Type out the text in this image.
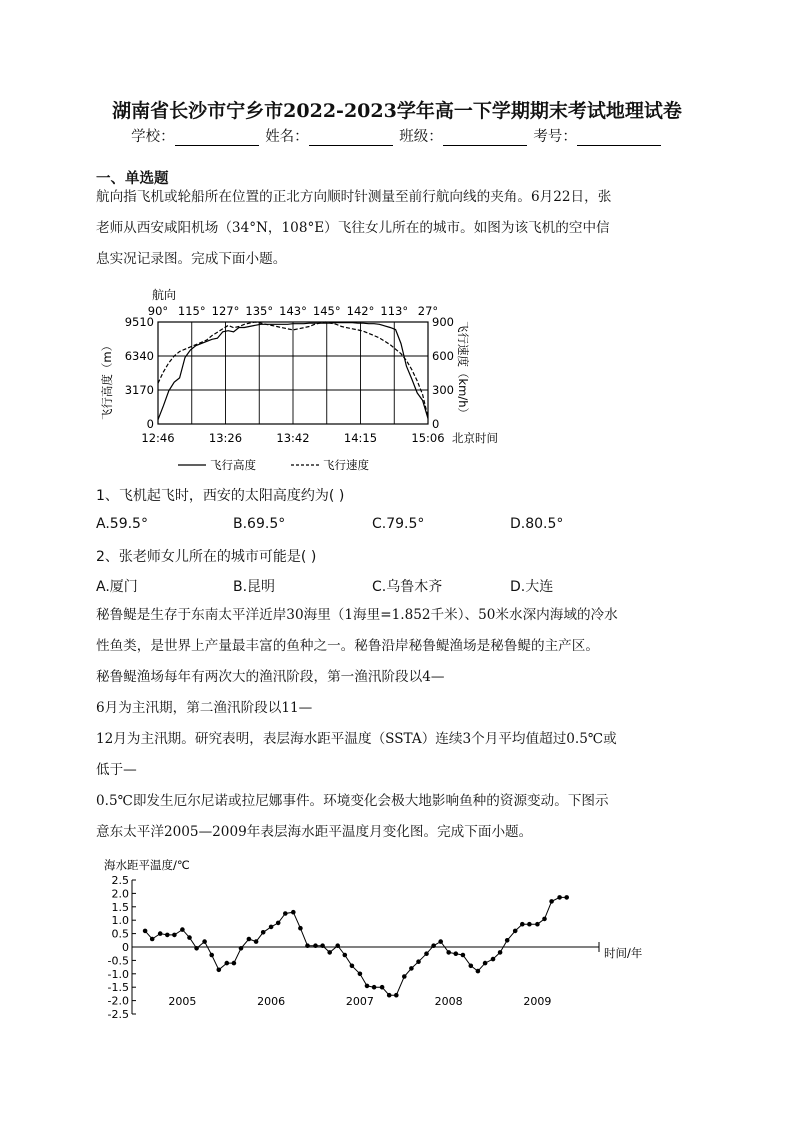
湖南省长沙市宁乡市2022-2023学年高一下学期期末考试地理试卷
学校：	姓名：	班级：	考号：
一、单选题
航向指飞机或轮船所在位置的正北方向顺时针测量至前行航向线的夹角。6月22日，张
老师从西安咸阳机场（34°N，108°E）飞往女儿所在的城市。如图为该飞机的空中信
息实况记录图。完成下面小题。
航向
90° 115° 127° 135° 143° 145° 142° 113° 27°
9510
6340
3170
0
900
600
300
0
12:46	13:26	13:42	14:15	15:06 北京时间
飞行高度（m）	飞行速度（km/h）
飞行高度	飞行速度
1、飞机起飞时，西安的太阳高度约为( )
A.59.5°	B.69.5°	C.79.5°	D.80.5°
2、张老师女儿所在的城市可能是( )
A.厦门	B.昆明	C.乌鲁木齐	D.大连
秘鲁鳀是生存于东南太平洋近岸30海里（1海里=1.852千米）、50米水深内海域的冷水
性鱼类，是世界上产量最丰富的鱼种之一。秘鲁沿岸秘鲁鳀渔场是秘鲁鳀的主产区。
秘鲁鳀渔场每年有两次大的渔汛阶段，第一渔汛阶段以4—
6月为主汛期，第二渔汛阶段以11—
12月为主汛期。研究表明，表层海水距平温度（SSTA）连续3个月平均值超过0.5℃或
低于—
0.5℃即发生厄尔尼诺或拉尼娜事件。环境变化会极大地影响鱼种的资源变动。下图示
意东太平洋2005—2009年表层海水距平温度月变化图。完成下面小题。
海水距平温度/℃
时间/年
2.5
2.0
1.5
1.0
0.5
0
-0.5
-1.0
-1.5
-2.0
-2.5
2005	2006	2007	2008	2009
